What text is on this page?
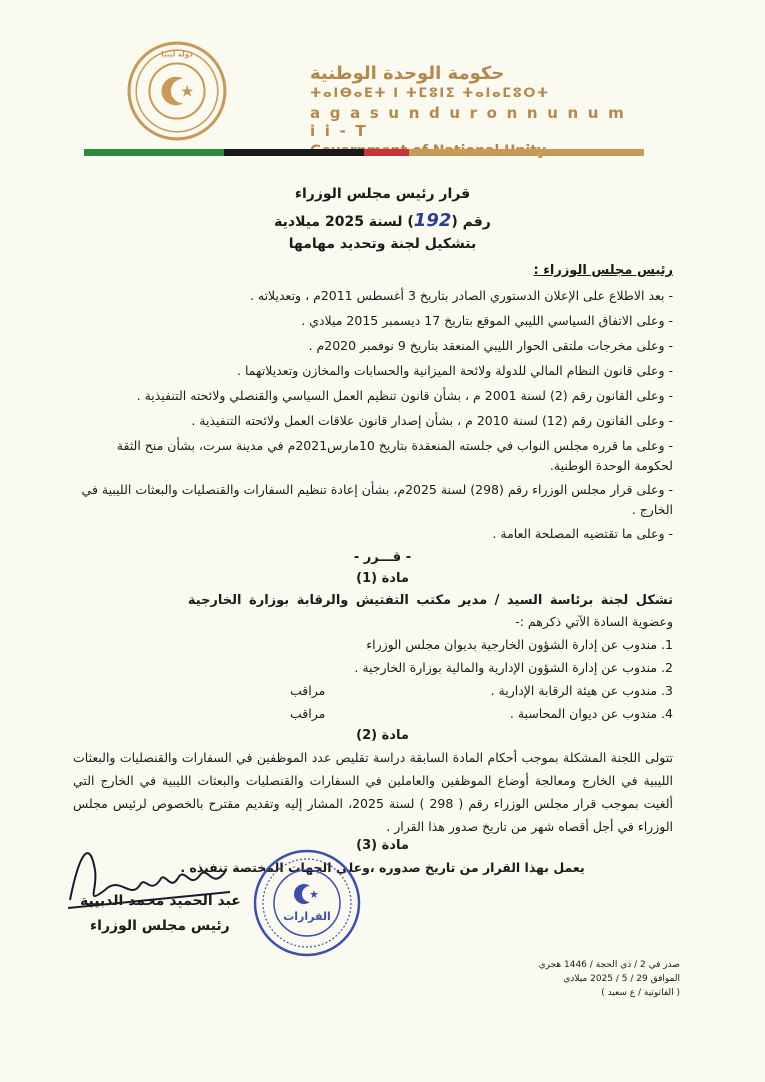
دولة ليبيا
حكومة الوحدة الوطنية
ⵜⴰⵏⴱⴰⴹⵜ ⵏ ⵜⵎⵓⵏⵉ ⵜⴰⵏⴰⵎⵓⵔⵜ
a g a s u n d u r o n n u n u m i i - T
قرار رئيس مجلس الوزراء
رقم (192) لسنة 2025 ميلادية
بتشكيل لجنة وتحديد مهامها
رئيس مجلس الوزراء :
- بعد الاطلاع على الإعلان الدستوري الصادر بتاريخ 3 أغسطس 2011م ، وتعديلاته .
- وعلى الاتفاق السياسي الليبي الموقع بتاريخ 17 ديسمبر 2015 ميلادي .
- وعلى مخرجات ملتقى الحوار الليبي المنعقد بتاريخ 9 نوفمبر 2020م .
- وعلى قانون النظام المالي للدولة ولائحة الميزانية والحسابات والمخازن وتعديلاتهما .
- وعلى القانون رقم (2) لسنة 2001 م ، بشأن قانون تنظيم العمل السياسي والقنصلي ولائحته التنفيذية .
- وعلى القانون رقم (12) لسنة 2010 م ، بشأن إصدار قانون علاقات العمل ولائحته التنفيذية .
- وعلى ما قرره مجلس النواب في جلسته المنعقدة بتاريخ 10مارس2021م في مدينة سرت، بشأن منح الثقة
لحكومة الوحدة الوطنية.
- وعلى قرار مجلس الوزراء رقم (298) لسنة 2025م، بشأن إعادة تنظيم السفارات والقنصليات والبعثات الليبية في
الخارج .
- وعلى ما تقتضيه المصلحة العامة .
- قـــرر -
مادة (1)
تشكل لجنة برئاسة السيد / مدير مكتب التفتيش والرقابة بوزارة الخارجية
وعضوية السادة الآتي ذكرهم :-
1. مندوب عن إدارة الشؤون الخارجية بديوان مجلس الوزراء
2. مندوب عن إدارة الشؤون الإدارية والمالية بوزارة الخارجية .
3. مندوب عن هيئة الرقابة الإدارية .
مراقب
4. مندوب عن ديوان المحاسبة .
مراقب
مادة (2)
تتولى اللجنة المشكلة بموجب أحكام المادة السابقة دراسة تقليص عدد الموظفين في السفارات والقنصليات والبعثات الليبية في الخارج ومعالجة أوضاع الموظفين والعاملين في السفارات والقنصليات والبعثات الليبية في الخارج التي ألغيت بموجب قرار مجلس الوزراء رقم ( 298 ) لسنة 2025، المشار إليه وتقديم مقترح بالخصوص لرئيس مجلس الوزراء في أجل أقصاه شهر من تاريخ صدور هذا القرار .
مادة (3)
يعمل بهذا القرار من تاريخ صدوره ،وعلى الجهات المختصة تنفيذه .
عبد الحميد محمد الدبيبة
رئيس مجلس الوزراء
القرارات
صدر في 2 / ذي الحجة / 1446 هجري
الموافق 29 / 5 / 2025 ميلادي
( الفاتوتية / ع سعيد )
